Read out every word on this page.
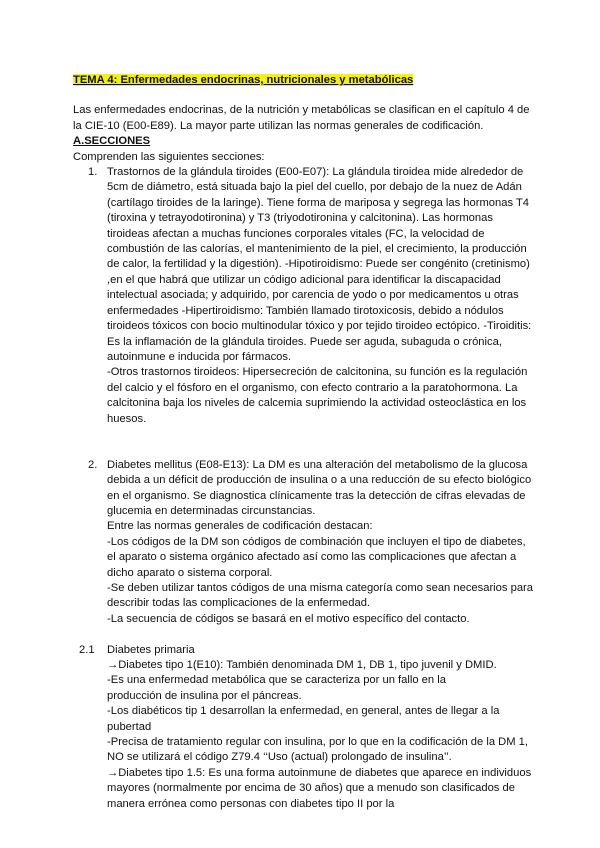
TEMA 4: Enfermedades endocrinas, nutricionales y metabólicas

Las enfermedades endocrinas, de la nutrición y metabólicas se clasifican en el capítulo 4 de la CIE-10 (E00-E89). La mayor parte utilizan las normas generales de codificación.

A.SECCIONES

Comprenden las siguientes secciones:

1. Trastornos de la glándula tiroides (E00-E07): La glándula tiroidea mide alrededor de 5cm de diámetro, está situada bajo la piel del cuello, por debajo de la nuez de Adán (cartílago tiroides de la laringe). Tiene forma de mariposa y segrega las hormonas T4 (tiroxina y tetrayodotironina) y T3 (triyodotironina y calcitonina). Las hormonas tiroideas afectan a muchas funciones corporales vitales (FC, la velocidad de combustión de las calorías, el mantenimiento de la piel, el crecimiento, la producción de calor, la fertilidad y la digestión). -Hipotiroidismo: Puede ser congénito (cretinismo) ,en el que habrá que utilizar un código adicional para identificar la discapacidad intelectual asociada; y adquirido, por carencia de yodo o por medicamentos u otras enfermedades -Hipertiroidismo: También llamado tirotoxicosis, debido a nódulos tiroideos tóxicos con bocio multinodular tóxico y por tejido tiroideo ectópico. -Tiroiditis: Es la inflamación de la glándula tiroides. Puede ser aguda, subaguda o crónica, autoinmune e inducida por fármacos.

-Otros trastornos tiroideos: Hipersecreción de calcitonina, su función es la regulación del calcio y el fósforo en el organismo, con efecto contrario a la paratohormona. La calcitonina baja los niveles de calcemia suprimiendo la actividad osteoclástica en los huesos.

2. Diabetes mellitus (E08-E13): La DM es una alteración del metabolismo de la glucosa debida a un déficit de producción de insulina o a una reducción de su efecto biológico en el organismo. Se diagnostica clínicamente tras la detección de cifras elevadas de glucemia en determinadas circunstancias.

Entre las normas generales de codificación destacan:

-Los códigos de la DM son códigos de combinación que incluyen el tipo de diabetes, el aparato o sistema orgánico afectado así como las complicaciones que afectan a dicho aparato o sistema corporal.

-Se deben utilizar tantos códigos de una misma categoría como sean necesarios para describir todas las complicaciones de la enfermedad.

-La secuencia de códigos se basará en el motivo específico del contacto.

2.1 Diabetes primaria

→Diabetes tipo 1(E10): También denominada DM 1, DB 1, tipo juvenil y DMID.

-Es una enfermedad metabólica que se caracteriza por un fallo en la

producción de insulina por el páncreas.

-Los diabéticos tip 1 desarrollan la enfermedad, en general, antes de llegar a la pubertad

-Precisa de tratamiento regular con insulina, por lo que en la codificación de la DM 1, NO se utilizará el código Z79.4 ‘‘Uso (actual) prolongado de insulina’’.

→Diabetes tipo 1.5: Es una forma autoinmune de diabetes que aparece en individuos mayores (normalmente por encima de 30 años) que a menudo son clasificados de manera errónea como personas con diabetes tipo II por la
